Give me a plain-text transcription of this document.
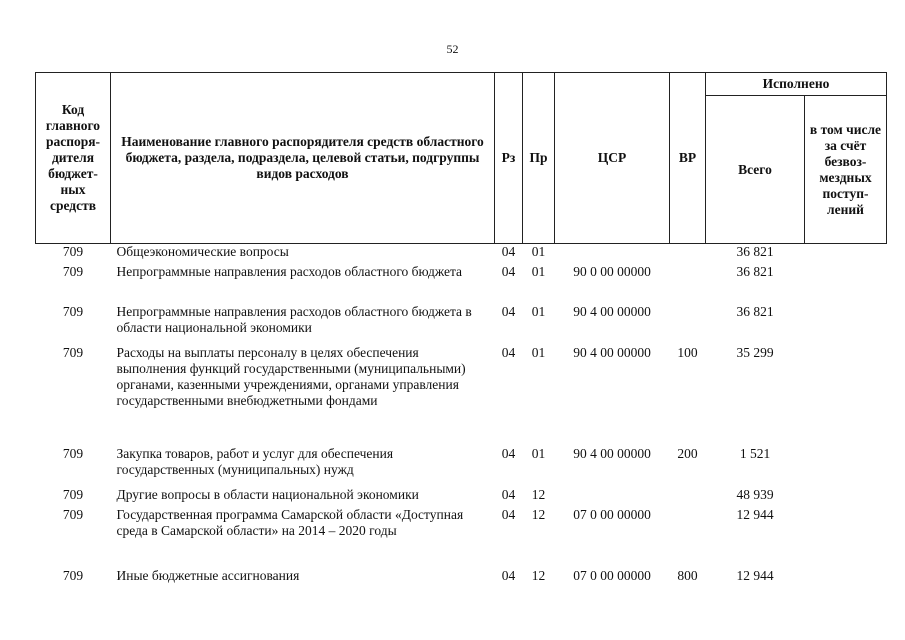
52
Код главного распоря-дителя бюджет-ных средств	Наименование главного распорядителя средств областного бюджета, раздела, подраздела, целевой статьи, подгруппы видов расходов	Рз	Пр	ЦСР	ВР	Исполнено	
						Всего	в том числе за счёт безвоз-мездных поступ-лений
709	Общеэкономические вопросы	04	01			36 821	
709	Непрограммные направления расходов областного бюджета	04	01	90 0 00 00000		36 821	
709	Непрограммные направления расходов областного бюджета в области национальной экономики	04	01	90 4 00 00000		36 821	
709	Расходы на выплаты персоналу в целях обеспечения выполнения функций государственными (муниципальными) органами, казенными учреждениями, органами управления государственными внебюджетными фондами	04	01	90 4 00 00000	100	35 299	
709	Закупка товаров, работ и услуг для обеспечения государственных (муниципальных) нужд	04	01	90 4 00 00000	200	1 521	
709	Другие вопросы в области национальной экономики	04	12			48 939	
709	Государственная программа Самарской области «Доступная среда в Самарской области» на 2014 – 2020 годы	04	12	07 0 00 00000		12 944	
709	Иные бюджетные ассигнования	04	12	07 0 00 00000	800	12 944	
